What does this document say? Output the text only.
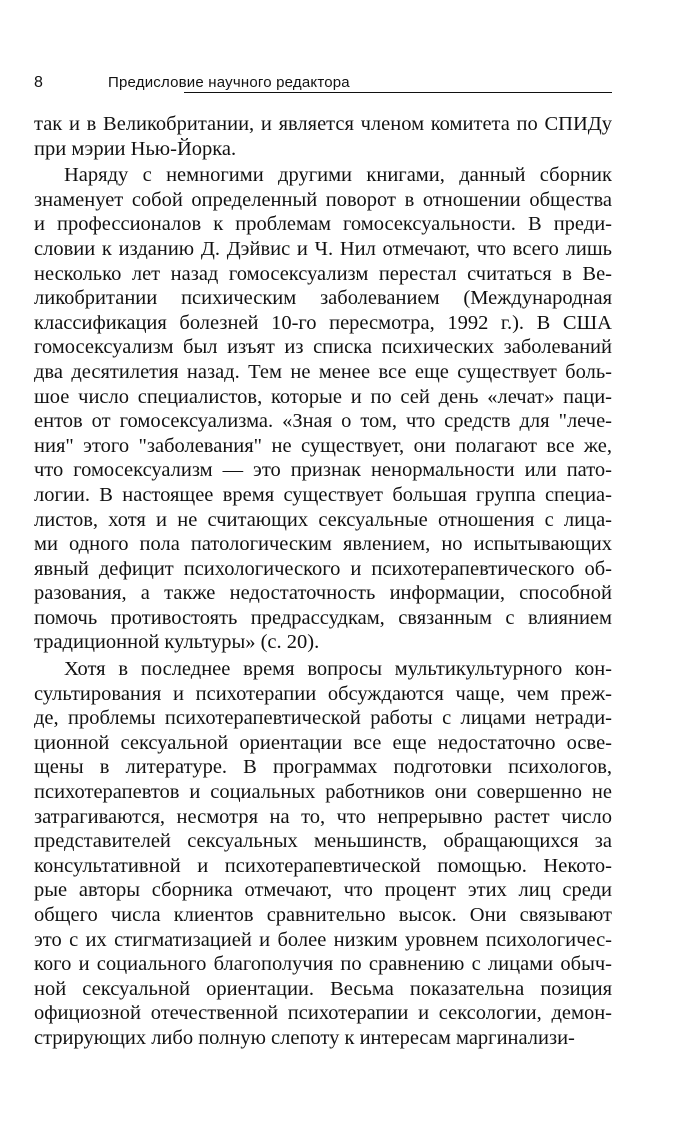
8	Предисловие научного редактора
так и в Великобритании, и является членом комитета по СПИДу
при мэрии Нью-Йорка.
Наряду с немногими другими книгами, данный сборник
знаменует собой определенный поворот в отношении общества
и профессионалов к проблемам гомосексуальности. В преди-
словии к изданию Д. Дэйвис и Ч. Нил отмечают, что всего лишь
несколько лет назад гомосексуализм перестал считаться в Ве-
ликобритании психическим заболеванием (Международная
классификация болезней 10-го пересмотра, 1992 г.). В США
гомосексуализм был изъят из списка психических заболеваний
два десятилетия назад. Тем не менее все еще существует боль-
шое число специалистов, которые и по сей день «лечат» паци-
ентов от гомосексуализма. «Зная о том, что средств для "лече-
ния" этого "заболевания" не существует, они полагают все же,
что гомосексуализм — это признак ненормальности или пато-
логии. В настоящее время существует большая группа специа-
листов, хотя и не считающих сексуальные отношения с лица-
ми одного пола патологическим явлением, но испытывающих
явный дефицит психологического и психотерапевтического об-
разования, а также недостаточность информации, способной
помочь противостоять предрассудкам, связанным с влиянием
традиционной культуры» (с. 20).
Хотя в последнее время вопросы мультикультурного кон-
сультирования и психотерапии обсуждаются чаще, чем преж-
де, проблемы психотерапевтической работы с лицами нетради-
ционной сексуальной ориентации все еще недостаточно осве-
щены в литературе. В программах подготовки психологов,
психотерапевтов и социальных работников они совершенно не
затрагиваются, несмотря на то, что непрерывно растет число
представителей сексуальных меньшинств, обращающихся за
консультативной и психотерапевтической помощью. Некото-
рые авторы сборника отмечают, что процент этих лиц среди
общего числа клиентов сравнительно высок. Они связывают
это с их стигматизацией и более низким уровнем психологичес-
кого и социального благополучия по сравнению с лицами обыч-
ной сексуальной ориентации. Весьма показательна позиция
официозной отечественной психотерапии и сексологии, демон-
стрирующих либо полную слепоту к интересам маргинализи-
